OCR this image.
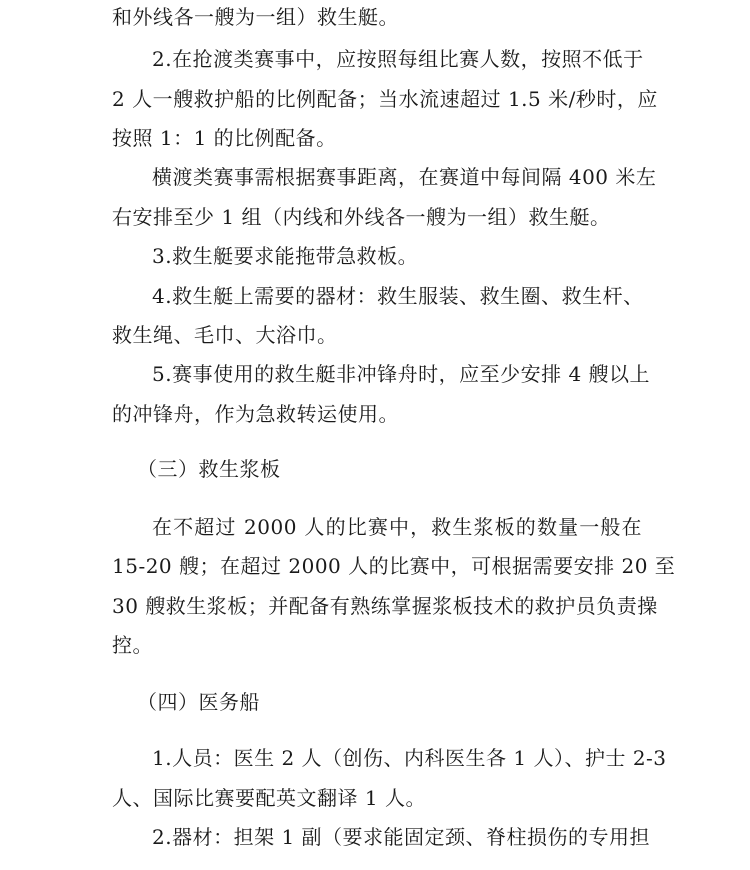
和外线各一艘为一组）救生艇。
2.在抢渡类赛事中，应按照每组比赛人数，按照不低于
2 人一艘救护船的比例配备；当水流速超过 1.5 米/秒时，应
按照 1：1 的比例配备。
横渡类赛事需根据赛事距离，在赛道中每间隔 400 米左
右安排至少 1 组（内线和外线各一艘为一组）救生艇。
3.救生艇要求能拖带急救板。
4.救生艇上需要的器材：救生服装、救生圈、救生杆、
救生绳、毛巾、大浴巾。
5.赛事使用的救生艇非冲锋舟时，应至少安排 4 艘以上
的冲锋舟，作为急救转运使用。
（三）救生浆板
在不超过 2000 人的比赛中，救生浆板的数量一般在
15-20 艘；在超过 2000 人的比赛中，可根据需要安排 20 至
30 艘救生浆板；并配备有熟练掌握浆板技术的救护员负责操
控。
（四）医务船
1.人员：医生 2 人（创伤、内科医生各 1 人）、护士 2-3
人、国际比赛要配英文翻译 1 人。
2.器材：担架 1 副（要求能固定颈、脊柱损伤的专用担
